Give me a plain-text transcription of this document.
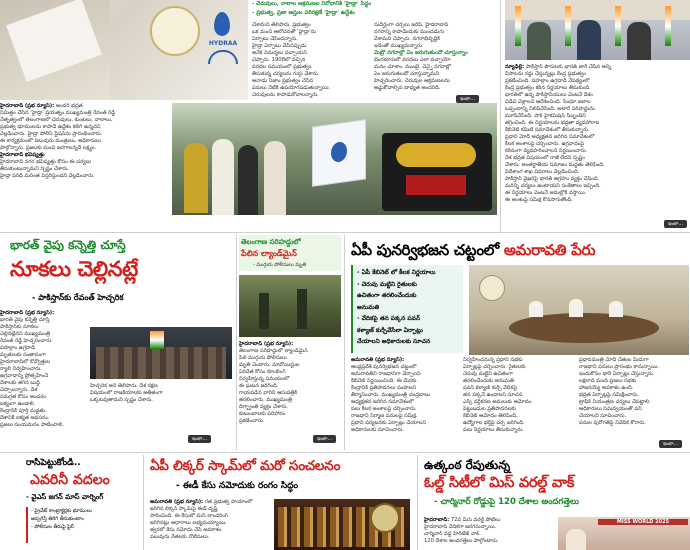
HYDRAA
- చెరువులు, నాలాల ఆక్రమణల నిరోధానికి 'హైడ్రా' సిద్ధం
- ప్రభుత్వ, ప్రజా ఆస్తుల పరిరక్షణే 'హైడ్రా' ఉద్దేశం
చేశామని తెలిపారు. ప్రభుత్వం
ఒక మంచి ఆలోచనతో 'హైడ్రా'ను
ఏర్పాటు చేసిందన్నారు.
హైడ్రా ఏర్పాటు చేసినప్పుడు
అనేక విమర్శలు వచ్చాయని
చెప్పారు. 1908లో వచ్చిన
వరదల సమయంలో ప్రభుత్వం
తీసుకున్న చర్యలను గుర్తు చేశారు.
ఆనాడు నిజాం ప్రభుత్వం చేసిన
పనులు నేటికీ ఉపయోగపడుతున్నాయి.
చెరువులను కాపాడుకోవాలన్నారు.
సుదీర్ఘంగా చర్చలు జరిపి, హైదరాబాద్
నగరాన్ని కాపాడేందుకు ముందడుగు
వేశామని చెప్పారు. నగరాభివృద్ధికి
ఇదెంతో ముఖ్యమన్నారు.
మెట్రో నగరాల్లో ఏం జరుగుతుందో చూస్తున్నాం
బెంగళూరులో వరదలు ఎలా వచ్చాయో
మనం చూశాం. ముంబై, చెన్నై నగరాల్లో
ఏం జరుగుతుందో చూస్తున్నామని
హెచ్చరించారు. చెరువుల ఆక్రమణలను
అడ్డుకోవాల్సిన బాధ్యత అందరిదీ.
ఇంకా...
హైదరాబాద్ (ప్రభ న్యూస్): అందరి భద్రత
నిమిత్తం చేసిన 'హైడ్రా' ప్రయత్నం ముఖ్యమంత్రి రేవంత్ రెడ్డి
నేతృత్వంలో తెలంగాణలో చెరువులు, కుంటలు, నాలాలు,
ప్రభుత్వ భూములను కాపాడే ఉద్దేశం కలిగి ఉన్నదని
వెల్లడించారు. హైడ్రా పోలీస్ స్టేషన్‌ను ప్రారంభించారు.
ఈ కార్యక్రమంలో పలువురు మంత్రులు, అధికారులు
పాల్గొన్నారు. ప్రజలకు మంచి జరగాలన్నదే లక్ష్యం.
హైదరాబాద్ భవిష్యత్తు
హైదరాబాద్ నగర భవిష్యత్తు కోసం ఈ చర్యలు
తీసుకుంటున్నామని స్పష్టం చేశారు.
హైడ్రా పరిధి మరింత విస్తరిస్తుందని వెల్లడించారు.
న్యూఢిల్లీ: పాకిస్తాన్ పౌరులకు భారత్ జారీ చేసిన అన్ని
వీసాలను రద్దు చేస్తున్నట్లు కేంద్ర ప్రభుత్వం
ప్రకటించింది. పహల్గాం ఉగ్రదాడి నేపథ్యంలో
కేంద్ర ప్రభుత్వం కఠిన నిర్ణయాలు తీసుకుంది.
భారత్‌లో ఉన్న పాకిస్తానీయులు వెంటనే దేశం
విడిచి వెళ్లాలని ఆదేశించింది. సింధూ జలాల
ఒప్పందాన్ని నిలిపివేసింది. అటారీ సరిహద్దును
మూసివేసింది. పాక్ హైకమిషన్ సిబ్బందిని
తగ్గించింది. ఈ నిర్ణయాలను భద్రతా వ్యవహారాల
కేబినెట్ కమిటీ సమావేశంలో తీసుకున్నారు.
ప్రధాని మోదీ అధ్యక్షతన జరిగిన సమావేశంలో
కీలక అంశాలపై చర్చించారు. ఉగ్రవాదంపై
కఠినంగా వ్యవహరించాలని నిర్ణయించారు.
దేశ భద్రత విషయంలో రాజీ లేదని స్పష్టం
చేశారు. అంతర్జాతీయ సమాజం మద్దతు తెలిపింది.
విదేశాంగ శాఖ వివరాలు వెల్లడించింది.
పాకిస్తాన్ వైఖరిపై భారత్ ఆగ్రహం వ్యక్తం చేసింది.
మరిన్ని చర్యలు ఉంటాయని సంకేతాలు ఇచ్చింది.
ఈ నిర్ణయాలు వెంటనే అమల్లోకి వస్తాయి.
ఈ అంశంపై సమీక్ష కొనసాగుతోంది.
ఇంకా...
భారత్ వైపు కన్నెత్తి చూస్తే
నూకలు చెల్లినట్లే
- పాకిస్తాన్‌కు రేవంత్ హెచ్చరిక
హైదరాబాద్ (ప్రభ న్యూస్):
భారత్ వైపు కన్నెత్తి చూస్తే
పాకిస్తాన్‌కు నూకలు
చెల్లినట్లేనని ముఖ్యమంత్రి
రేవంత్ రెడ్డి హెచ్చరించారు.
పహల్గాం ఉగ్రదాడి
మృతులకు సంతాపంగా
హైదరాబాద్‌లో కొవ్వొత్తుల
ర్యాలీ నిర్వహించారు.
ఉగ్రవాదాన్ని ప్రోత్సహించే
దేశాలకు తగిన బుద్ధి
చెప్పాలన్నారు. దేశ
సమగ్రత కోసం అందరం
ఐక్యంగా ఉండాలి.
కేంద్రానికి పూర్తి మద్దతు.
దేశానికి ఐక్యత అవసరం.
ప్రజలు సంయమనం పాటించాలి.
హెచ్చరిక అని తెలిపారు. దేశ రక్షణ
విషయంలో రాజకీయాలకు అతీతంగా
ఒక్కటవుతామని స్పష్టం చేశారు.
ఇంకా...
తెలంగాణ సరిహద్దులో
పేలిన ల్యాండ్‌మైన్
- ముగ్గురు పోలీసులు మృతి
హైదరాబాద్ (ప్రభ న్యూస్):
తెలంగాణ సరిహద్దులో ల్యాండ్‌మైన్
పేలి ముగ్గురు పోలీసులు
మృతి చెందారు. మావోయిస్టుల
ఏరివేత కోసం కూంబింగ్
నిర్వహిస్తున్న సమయంలో
ఈ ఘటన జరిగింది.
గాయపడిన వారిని ఆసుపత్రికి
తరలించారు. ముఖ్యమంత్రి
దిగ్భ్రాంతి వ్యక్తం చేశారు.
కుటుంబాలకు పరిహారం
ప్రకటించారు.
ఇంకా...
ఏపీ పునర్విభజన చట్టంలో అమరావతి పేరు
- ఏపీ కేబినెట్ లో కీలక నిర్ణయాలు
- చెరువు మట్టిని రైతులకు
ఉచితంగా తరలించేందుకు
అనుమతి
- వేదికపై తన పక్కన పవన్
కళ్యాణ్ కుర్చీవేసేలా ఏర్పాట్లు
చేయాలని అధికారులకు సూచన
అమరావతి (ప్రభ న్యూస్):
ఆంధ్రప్రదేశ్ పునర్విభజన చట్టంలో
అమరావతిని రాజధానిగా చేర్చాలని
కేబినెట్ నిర్ణయించింది. ఈ మేరకు
కేంద్రానికి ప్రతిపాదనలు పంపాలని
తీర్మానించారు. ముఖ్యమంత్రి చంద్రబాబు
అధ్యక్షతన జరిగిన సమావేశంలో
పలు కీలక అంశాలపై చర్చించారు.
రాజధాని నిర్మాణ పనులపై సమీక్ష.
ప్రధాని పర్యటనకు ఏర్పాట్లు చేయాలని
అధికారులకు సూచించారు.
నిర్వహించనున్న ప్రధాని సభకు
ఏర్పాట్లపై చర్చించారు. రైతులకు
చెరువు మట్టిని ఉచితంగా
తరలించేందుకు అనుమతి.
పవన్ కళ్యాణ్ కుర్చీ వేదికపై
తన పక్కనే ఉండాలని సూచన.
ఎస్సీ వర్గీకరణ అమలుకు ఆమోదం.
పెట్టుబడుల ప్రతిపాదనలకు
కేబినెట్ ఆమోదం తెలిపింది.
ఉద్యోగాల భర్తీపై చర్చ జరిగింది.
పలు నిర్ణయాలు తీసుకున్నారు.
ప్రధానమంత్రి మోదీ చేతుల మీదుగా
రాజధాని పనులు ప్రారంభం కానున్నాయి.
ఇందుకోసం భారీ ఏర్పాట్లు చేస్తున్నారు.
లక్షలాది మంది ప్రజలు సభకు
హాజరయ్యే అవకాశం ఉంది.
భద్రత ఏర్పాట్లపై సమీక్షించారు.
ట్రాఫిక్ నియంత్రణ చర్యలు చేపట్టాలి.
అధికారులు సమన్వయంతో పని
చేయాలని సూచించారు.
పనుల పురోగతిపై నివేదిక కోరారు.
ఇంకా...
రాసిపెట్టుకోండి..
ఎవరినీ వదలం
- వైఎస్ జగన్ మాస్ వార్నింగ్
- ప్రైవేట్ కాంట్రాక్టర్లకు భూములు
అప్పగిస్తే తిరిగి తీసుకుంటాం
- పోలీసుల తీరుపై ఫైర్
ఏపీ లిక్కర్ స్కామ్‌లో మరో సంచలనం
- ఈడీ కేసు నమోదుకు రంగం సిద్ధం
అమరావతి (ప్రభ న్యూస్): గత ప్రభుత్వ హయాంలో
జరిగిన లిక్కర్ స్కామ్‌పై ఈడీ దృష్టి
సారించింది. ఈ కేసులో మనీ లాండరింగ్
జరిగినట్లు ఆధారాలు లభ్యమయ్యాయి.
త్వరలో కేసు నమోదు చేసే అవకాశం.
పలువురు నేతలకు నోటీసులు.
ఉత్కంఠ రేపుతున్న
ఓల్డ్ సిటీలో మిస్ వరల్డ్ వాక్
- చార్మినార్ రోడ్డుపై 120 దేశాల అందగత్తెలు
హైదరాబాద్: 72వ మిస్ వరల్డ్ పోటీలు
హైదరాబాద్ వేదికగా జరగనున్నాయి.
చార్మినార్ వద్ద హెరిటేజ్ వాక్.
120 దేశాల అందగత్తెలు పాల్గొంటారు.
MISS WORLD 2025
